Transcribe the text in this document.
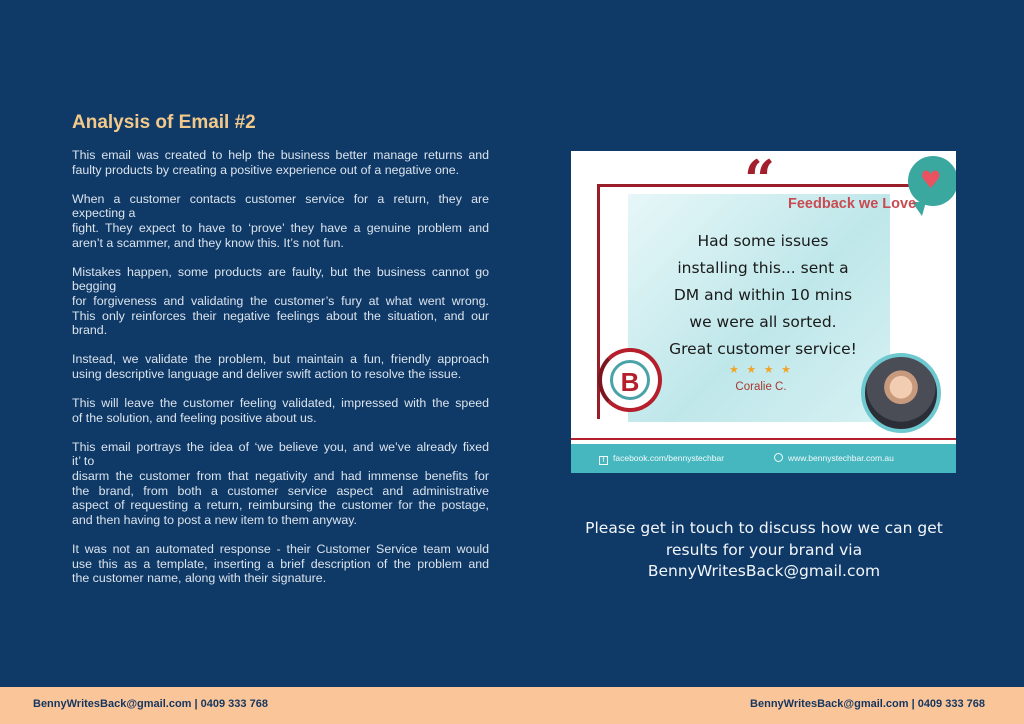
Analysis of Email #2

This email was created to help the business better manage returns and
faulty products by creating a positive experience out of a negative one.

When a customer contacts customer service for a return, they are
expecting a
fight. They expect to have to ‘prove’ they have a genuine problem and
aren’t a scammer, and they know this. It’s not fun.

Mistakes happen, some products are faulty, but the business cannot go
begging
for forgiveness and validating the customer’s fury at what went wrong.
This only reinforces their negative feelings about the situation, and our
brand.

Instead, we validate the problem, but maintain a fun, friendly approach
using descriptive language and deliver swift action to resolve the issue.

This will leave the customer feeling validated, impressed with the speed
of the solution, and feeling positive about us.

This email portrays the idea of ‘we believe you, and we’ve already fixed
it’ to
disarm the customer from that negativity and had immense benefits for
the brand, from both a customer service aspect and administrative
aspect of requesting a return, reimbursing the customer for the postage,
and then having to post a new item to them anyway.

It was not an automated response - their Customer Service team would
use this as a template, inserting a brief description of the problem and
the customer name, along with their signature.

“	♥
Feedback we Love
Had some issues
installing this... sent a
DM and within 10 mins
we were all sorted.
Great customer service!
★ ★ ★ ★
Coralie C.
B
f facebook.com/bennystechbar	www.bennystechbar.com.au
Please get in touch to discuss how we can get
results for your brand via
BennyWritesBack@gmail.com
BennyWritesBack@gmail.com | 0409 333 768	BennyWritesBack@gmail.com | 0409 333 768
